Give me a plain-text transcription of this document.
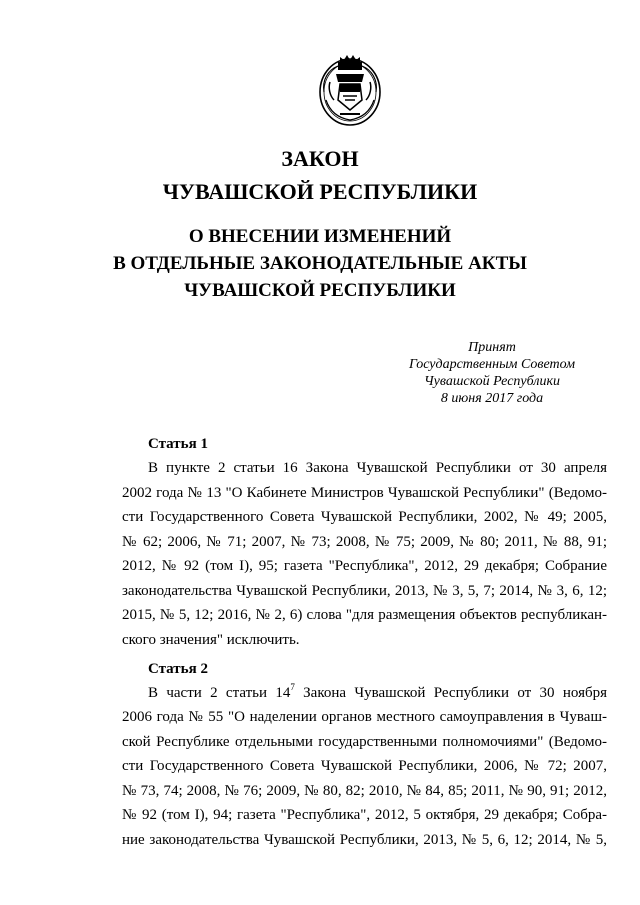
ЗАКОН
ЧУВАШСКОЙ РЕСПУБЛИКИ
О ВНЕСЕНИИ ИЗМЕНЕНИЙ
В ОТДЕЛЬНЫЕ ЗАКОНОДАТЕЛЬНЫЕ АКТЫ
ЧУВАШСКОЙ РЕСПУБЛИКИ
Принят
Государственным Советом
Чувашской Республики
8 июня 2017 года
Статья 1
В пункте 2 статьи 16 Закона Чувашской Республики от 30 апреля
2002 года № 13 "О Кабинете Министров Чувашской Республики" (Ведомо-
сти Государственного Совета Чувашской Республики, 2002, № 49; 2005,
№ 62; 2006, № 71; 2007, № 73; 2008, № 75; 2009, № 80; 2011, № 88, 91;
2012, № 92 (том I), 95; газета "Республика", 2012, 29 декабря; Собрание
законодательства Чувашской Республики, 2013, № 3, 5, 7; 2014, № 3, 6, 12;
2015, № 5, 12; 2016, № 2, 6) слова "для размещения объектов республикан-
ского значения" исключить.
Статья 2
В части 2 статьи $14^7$ Закона Чувашской Республики от 30 ноября
2006 года № 55 "О наделении органов местного самоуправления в Чуваш-
ской Республике отдельными государственными полномочиями" (Ведомо-
сти Государственного Совета Чувашской Республики, 2006, № 72; 2007,
№ 73, 74; 2008, № 76; 2009, № 80, 82; 2010, № 84, 85; 2011, № 90, 91; 2012,
№ 92 (том I), 94; газета "Республика", 2012, 5 октября, 29 декабря; Собра-
ние законодательства Чувашской Республики, 2013, № 5, 6, 12; 2014, № 5,
